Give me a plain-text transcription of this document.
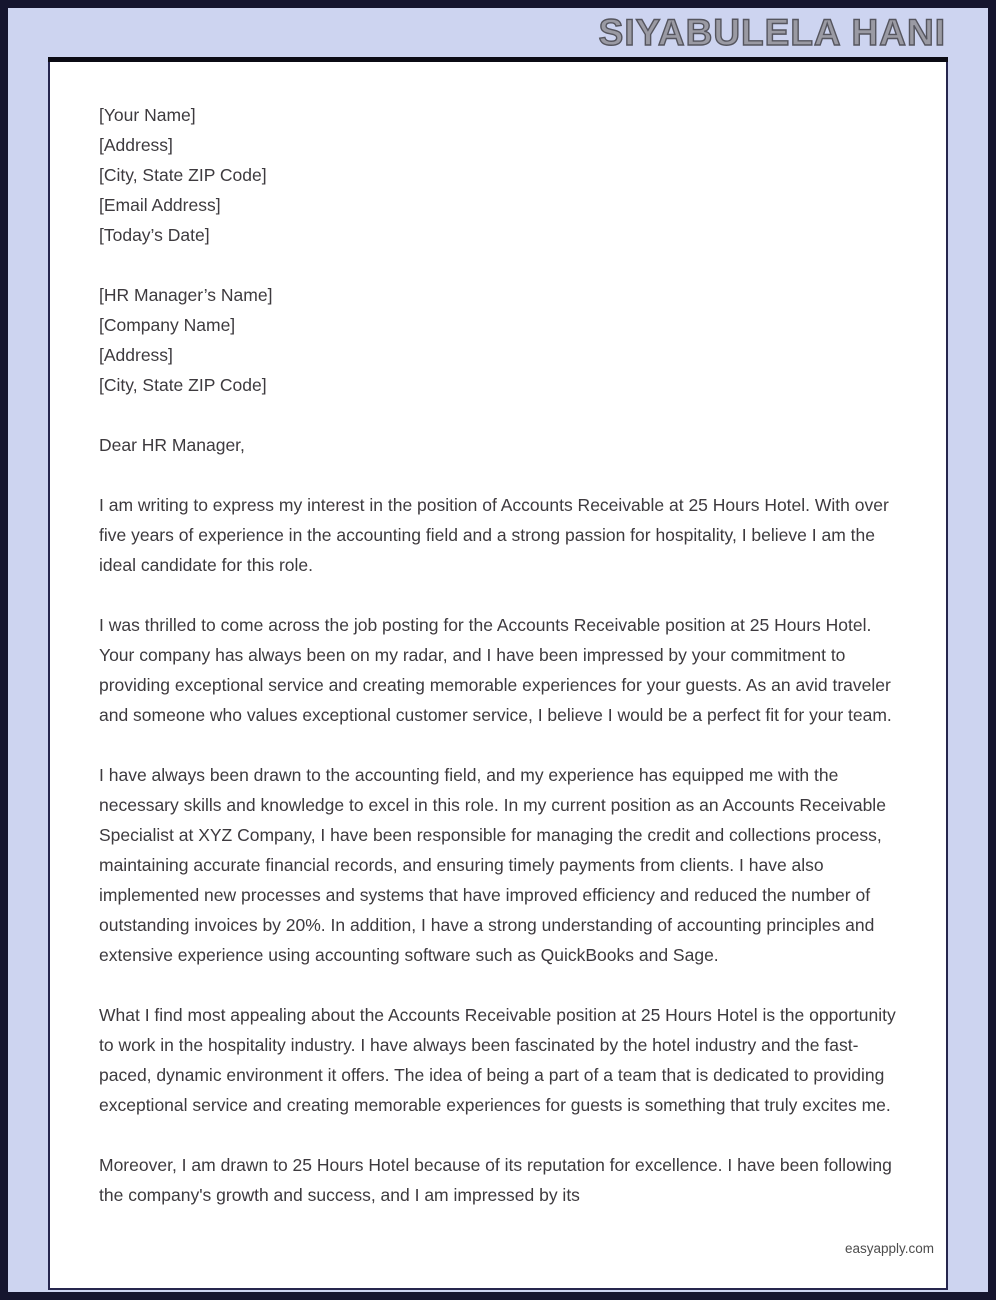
SIYABULELA HANI
[Your Name]
[Address]
[City, State ZIP Code]
[Email Address]
[Today’s Date]
[HR Manager’s Name]
[Company Name]
[Address]
[City, State ZIP Code]
Dear HR Manager,
I am writing to express my interest in the position of Accounts Receivable at 25 Hours Hotel. With over five years of experience in the accounting field and a strong passion for hospitality, I believe I am the ideal candidate for this role.
I was thrilled to come across the job posting for the Accounts Receivable position at 25 Hours Hotel. Your company has always been on my radar, and I have been impressed by your commitment to providing exceptional service and creating memorable experiences for your guests. As an avid traveler and someone who values exceptional customer service, I believe I would be a perfect fit for your team.
I have always been drawn to the accounting field, and my experience has equipped me with the necessary skills and knowledge to excel in this role. In my current position as an Accounts Receivable Specialist at XYZ Company, I have been responsible for managing the credit and collections process, maintaining accurate financial records, and ensuring timely payments from clients. I have also implemented new processes and systems that have improved efficiency and reduced the number of outstanding invoices by 20%. In addition, I have a strong understanding of accounting principles and extensive experience using accounting software such as QuickBooks and Sage.
What I find most appealing about the Accounts Receivable position at 25 Hours Hotel is the opportunity to work in the hospitality industry. I have always been fascinated by the hotel industry and the fast-paced, dynamic environment it offers. The idea of being a part of a team that is dedicated to providing exceptional service and creating memorable experiences for guests is something that truly excites me.
Moreover, I am drawn to 25 Hours Hotel because of its reputation for excellence. I have been following the company's growth and success, and I am impressed by its
easyapply.com
